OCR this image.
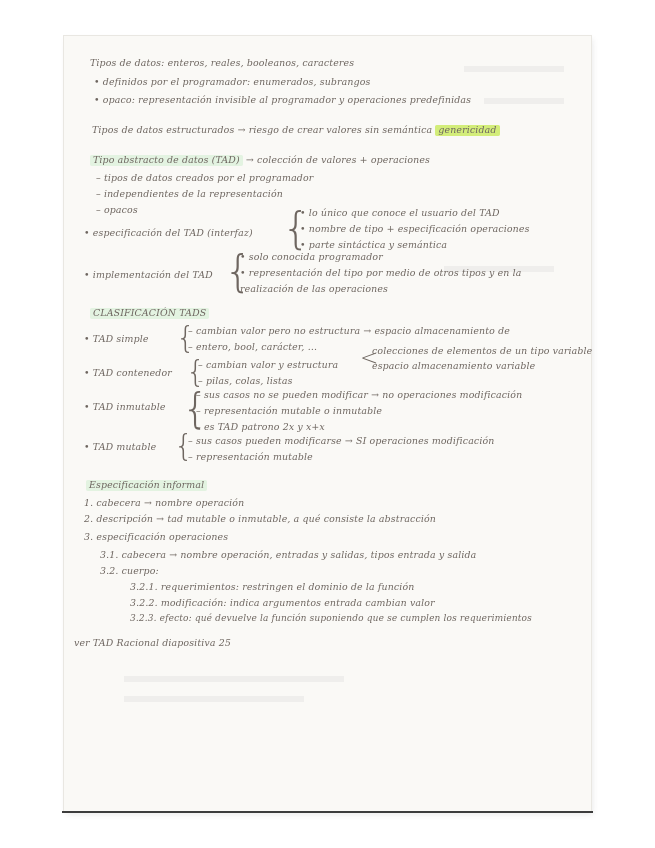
Tipos de datos: enteros, reales, booleanos, caracteres
• definidos por el programador: enumerados, subrangos
• opaco: representación invisible al programador y operaciones predefinidas
Tipos de datos estructurados → riesgo de crear valores sin semántica genericidad
Tipo abstracto de datos (TAD) → colección de valores + operaciones
– tipos de datos creados por el programador
– independientes de la representación
– opacos
• especificación del TAD (interfaz) {
• lo único que conoce el usuario del TAD
• nombre de tipo + especificación operaciones
• parte sintáctica y semántica
• implementación del TAD {
• solo conocida programador
• representación del tipo por medio de otros tipos y en la
realización de las operaciones
CLASIFICACIÓN TADS
• TAD simple {
– cambian valor pero no estructura → espacio almacenamiento de
– entero, bool, carácter, ...
• TAD contenedor {
– cambian valor y estructura
– pilas, colas, listas
<
colecciones de elementos de un tipo variable
espacio almacenamiento variable
• TAD inmutable {
– sus casos no se pueden modificar → no operaciones modificación
– representación mutable o inmutable
– es TAD patrono 2x y x+x
• TAD mutable {
– sus casos pueden modificarse → SI operaciones modificación
– representación mutable
Especificación informal
1. cabecera → nombre operación
2. descripción → tad mutable o inmutable, a qué consiste la abstracción
3. especificación operaciones
3.1. cabecera → nombre operación, entradas y salidas, tipos entrada y salida
3.2. cuerpo:
3.2.1. requerimientos: restringen el dominio de la función
3.2.2. modificación: indica argumentos entrada cambian valor
3.2.3. efecto: qué devuelve la función suponiendo que se cumplen los requerimientos
ver TAD Racional diapositiva 25
